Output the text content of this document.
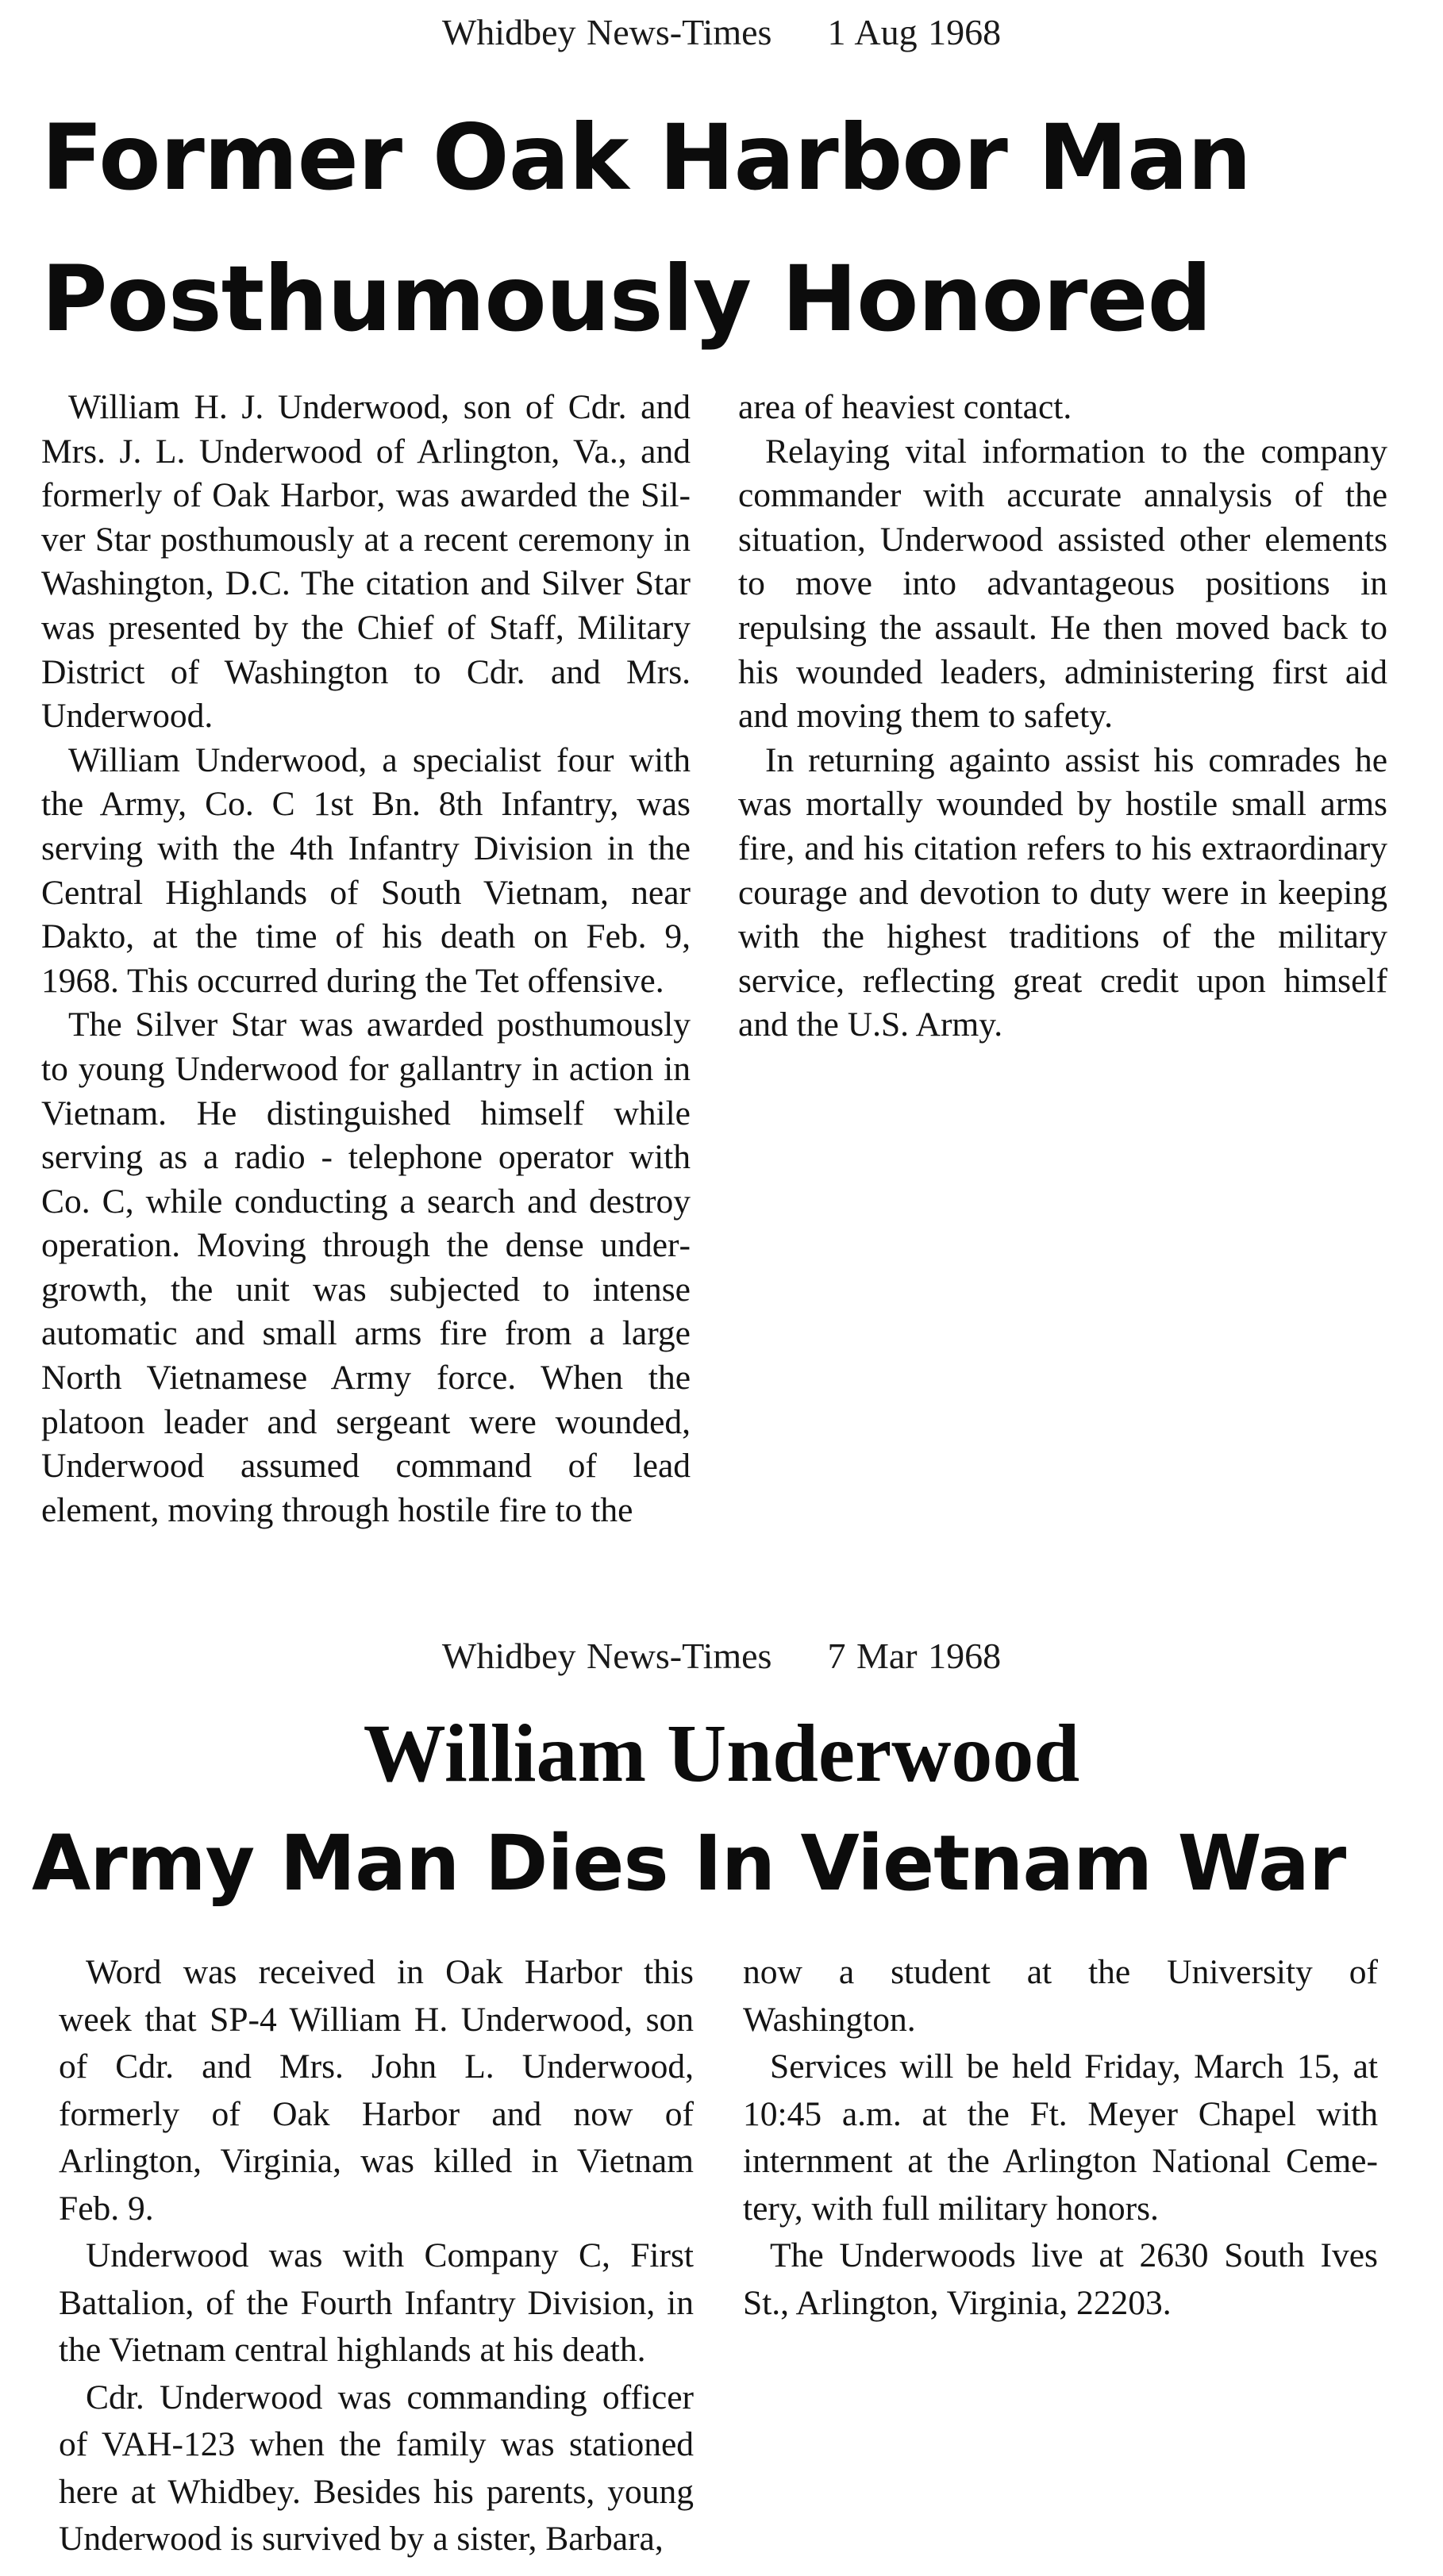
Whidbey News-Times 1 Aug 1968
Former Oak Harbor Man
Posthumously Honored
Whidbey News-Times 7 Mar 1968
William Underwood
Army Man Dies In Vietnam War

William H. J. Underwood, son of Cdr. and Mrs. J. L. Underwood of Arlington, Va., and formerly of Oak Harbor, was awarded the Silver Star posthumously at a recent ceremony in Washington, D.C. The citation and Silver Star was presented by the Chief of Staff, Military District of Washington to Cdr. and Mrs. Underwood.

William Underwood, a specialist four with the Army, Co. C 1st Bn. 8th Infantry, was serving with the 4th Infantry Division in the Central Highlands of South Vietnam, near Dakto, at the time of his death on Feb. 9, 1968. This occurred during the Tet offensive.

The Silver Star was awarded posthumously to young Underwood for gallantry in action in Vietnam. He distinguished himself while serving as a radio - telephone operator with Co. C, while conducting a search and destroy operation. Moving through the dense undergrowth, the unit was subjected to intense automatic and small arms fire from a large North Vietnamese Army force. When the platoon leader and sergeant were wounded, Underwood assumed command of lead element, moving through hostile fire to the

area of heaviest contact.

Relaying vital information to the company commander with accurate annalysis of the situation, Underwood assisted other elements to move into advantageous positions in repulsing the assault. He then moved back to his wounded leaders, administering first aid and moving them to safety.

In returning againto assist his comrades he was mortally wounded by hostile small arms fire, and his citation refers to his extraordinary courage and devotion to duty were in keeping with the highest traditions of the military service, reflecting great credit upon himself and the U.S. Army.

Word was received in Oak Harbor this week that SP-4 William H. Underwood, son of Cdr. and Mrs. John L. Underwood, formerly of Oak Harbor and now of Arlington, Virginia, was killed in Vietnam Feb. 9.

Underwood was with Company C, First Battalion, of the Fourth Infantry Division, in the Vietnam central highlands at his death.

Cdr. Underwood was commanding officer of VAH-123 when the family was stationed here at Whidbey. Besides his parents, young Underwood is survived by a sister, Barbara,

now a student at the University of Washington.

Services will be held Friday, March 15, at 10:45 a.m. at the Ft. Meyer Chapel with internment at the Arlington National Cemetery, with full military honors.

The Underwoods live at 2630 South Ives St., Arlington, Virginia, 22203.
